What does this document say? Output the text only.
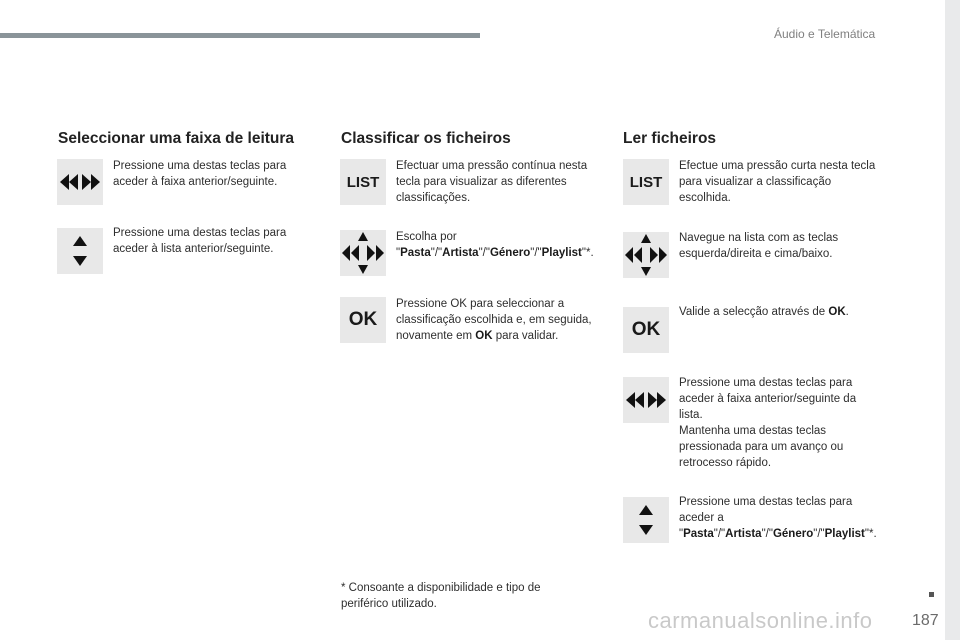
Áudio e Telemática
187
carmanualsonline.info
Seleccionar uma faixa de leitura

Pressione uma destas teclas para aceder à faixa anterior/seguinte.

Pressione uma destas teclas para aceder à lista anterior/seguinte.

Classificar os ficheiros
LIST

Efectuar uma pressão contínua nesta tecla para visualizar as diferentes classificações.

Escolha por "Pasta"/"Artista"/"Género"/"Playlist"*.

OK

Pressione OK para seleccionar a classificação escolhida e, em seguida, novamente em OK para validar.

Ler ficheiros
LIST

Efectue uma pressão curta nesta tecla para visualizar a classificação escolhida.

Navegue na lista com as teclas esquerda/direita e cima/baixo.

OK

Valide a selecção através de OK.

Pressione uma destas teclas para aceder à faixa anterior/seguinte da lista.
Mantenha uma destas teclas pressionada para um avanço ou retrocesso rápido.

Pressione uma destas teclas para aceder a "Pasta"/"Artista"/"Género"/"Playlist"*.

* Consoante a disponibilidade e tipo de periférico utilizado.
